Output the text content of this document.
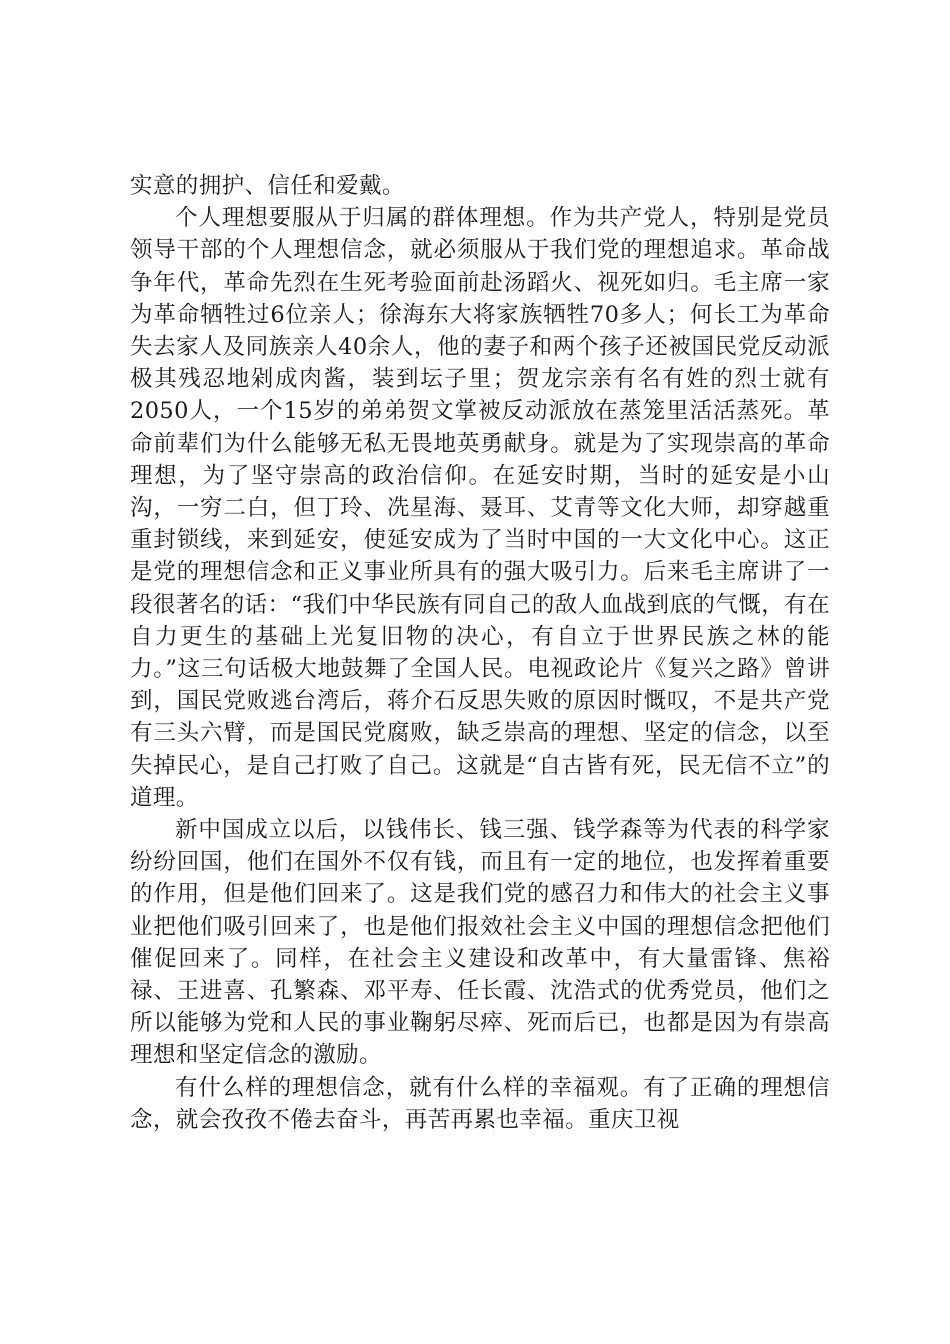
实意的拥护、信任和爱戴。

个人理想要服从于归属的群体理想。作为共产党人，特别是党员领导干部的个人理想信念，就必须服从于我们党的理想追求。革命战争年代，革命先烈在生死考验面前赴汤蹈火、视死如归。毛主席一家为革命牺牲过6位亲人；徐海东大将家族牺牲70多人；何长工为革命失去家人及同族亲人40余人，他的妻子和两个孩子还被国民党反动派极其残忍地剁成肉酱，装到坛子里；贺龙宗亲有名有姓的烈士就有2050人，一个15岁的弟弟贺文掌被反动派放在蒸笼里活活蒸死。革命前辈们为什么能够无私无畏地英勇献身。就是为了实现崇高的革命理想，为了坚守崇高的政治信仰。在延安时期，当时的延安是小山沟，一穷二白，但丁玲、冼星海、聂耳、艾青等文化大师，却穿越重重封锁线，来到延安，使延安成为了当时中国的一大文化中心。这正是党的理想信念和正义事业所具有的强大吸引力。后来毛主席讲了一段很著名的话：“我们中华民族有同自己的敌人血战到底的气慨，有在自力更生的基础上光复旧物的决心，有自立于世界民族之林的能力。”这三句话极大地鼓舞了全国人民。电视政论片《复兴之路》曾讲到，国民党败逃台湾后，蒋介石反思失败的原因时慨叹，不是共产党有三头六臂，而是国民党腐败，缺乏崇高的理想、坚定的信念，以至失掉民心，是自己打败了自己。这就是“自古皆有死，民无信不立”的道理。

新中国成立以后，以钱伟长、钱三强、钱学森等为代表的科学家纷纷回国，他们在国外不仅有钱，而且有一定的地位，也发挥着重要的作用，但是他们回来了。这是我们党的感召力和伟大的社会主义事业把他们吸引回来了，也是他们报效社会主义中国的理想信念把他们催促回来了。同样，在社会主义建设和改革中，有大量雷锋、焦裕禄、王进喜、孔繁森、邓平寿、任长霞、沈浩式的优秀党员，他们之所以能够为党和人民的事业鞠躬尽瘁、死而后已，也都是因为有崇高理想和坚定信念的激励。

有什么样的理想信念，就有什么样的幸福观。有了正确的理想信念，就会孜孜不倦去奋斗，再苦再累也幸福。重庆卫视
